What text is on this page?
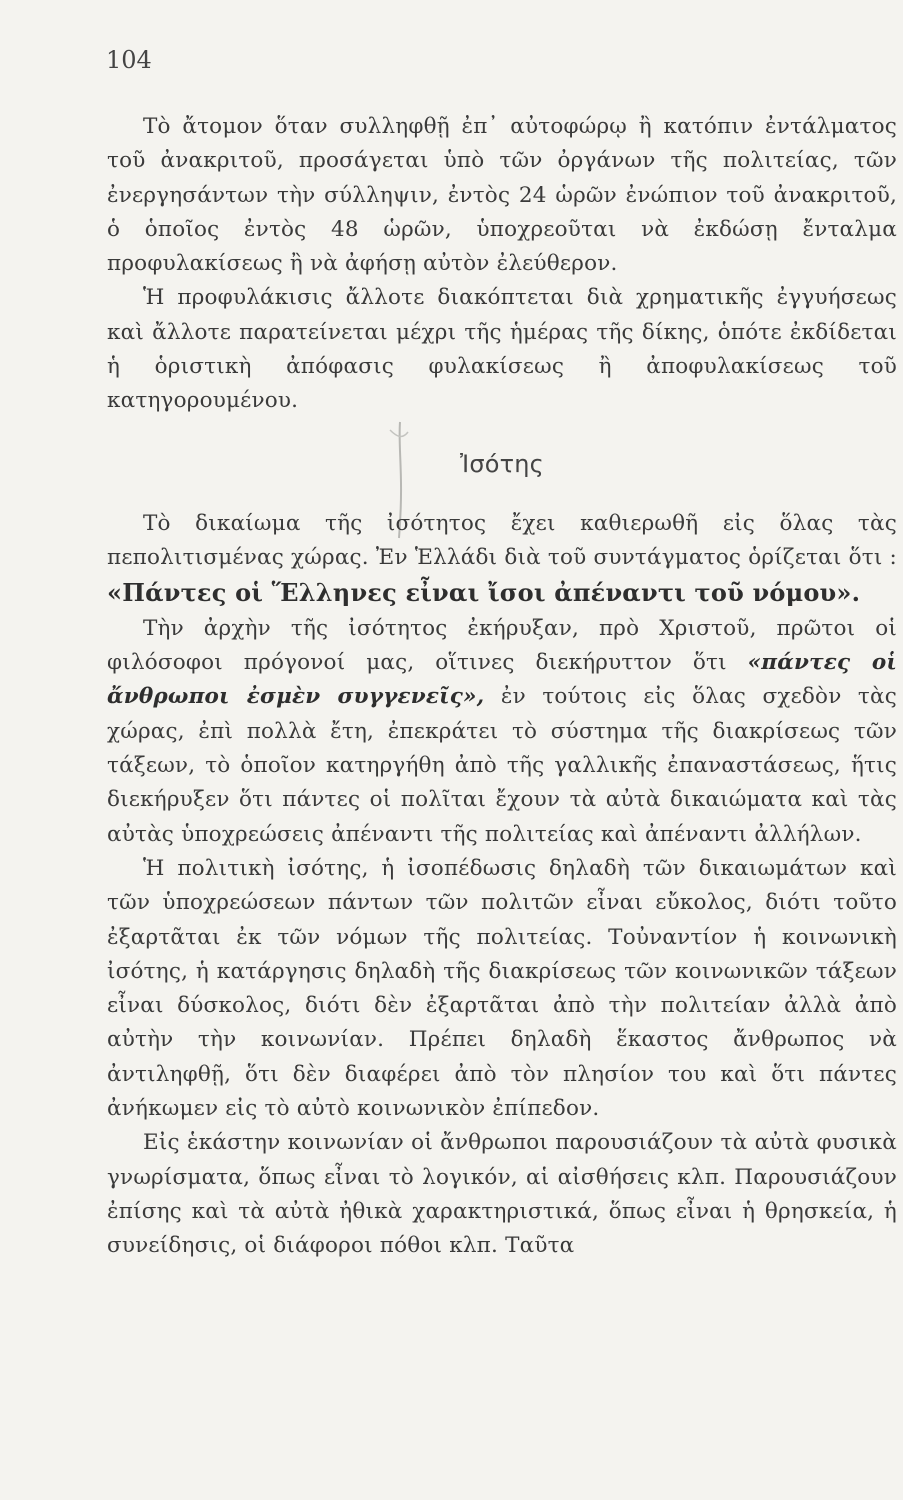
104

Τὸ ἄτομον ὅταν συλληφθῇ ἐπ᾽ αὐτοφώρῳ ἢ κατόπιν ἐντάλματος τοῦ ἀνακριτοῦ, προσάγεται ὑπὸ τῶν ὀργάνων τῆς πολιτείας, τῶν ἐνεργησάντων τὴν σύλληψιν, ἐντὸς 24 ὡρῶν ἐνώπιον τοῦ ἀνακριτοῦ, ὁ ὁποῖος ἐντὸς 48 ὡρῶν, ὑποχρεοῦται νὰ ἐκδώσῃ ἔνταλμα προφυλακίσεως ἢ νὰ ἀφήσῃ αὐτὸν ἐλεύθερον.

Ἡ προφυλάκισις ἄλλοτε διακόπτεται διὰ χρηματικῆς ἐγγυήσεως καὶ ἄλλοτε παρατείνεται μέχρι τῆς ἡμέρας τῆς δίκης, ὁπότε ἐκδίδεται ἡ ὁριστικὴ ἀπόφασις φυλακίσεως ἢ ἀποφυλακίσεως τοῦ κατηγορουμένου.

Ἰσότης

Τὸ δικαίωμα τῆς ἰσότητος ἔχει καθιερωθῆ εἰς ὅλας τὰς πεπολιτισμένας χώρας. Ἐν Ἑλλάδι διὰ τοῦ συντάγματος ὁρίζεται ὅτι : «Πάντες οἱ Ἕλληνες εἶναι ἴσοι ἀπέναντι τοῦ νόμου».

Τὴν ἀρχὴν τῆς ἰσότητος ἐκήρυξαν, πρὸ Χριστοῦ, πρῶτοι οἱ φιλόσοφοι πρόγονοί μας, οἵτινες διεκήρυττον ὅτι «πάντες οἱ ἄνθρωποι ἐσμὲν συγγενεῖς», ἐν τούτοις εἰς ὅλας σχεδὸν τὰς χώρας, ἐπὶ πολλὰ ἔτη, ἐπεκράτει τὸ σύστημα τῆς διακρίσεως τῶν τάξεων, τὸ ὁποῖον κατηργήθη ἀπὸ τῆς γαλλικῆς ἐπαναστάσεως, ἥτις διεκήρυξεν ὅτι πάντες οἱ πολῖται ἔχουν τὰ αὐτὰ δικαιώματα καὶ τὰς αὐτὰς ὑποχρεώσεις ἀπέναντι τῆς πολιτείας καὶ ἀπέναντι ἀλλήλων.

Ἡ πολιτικὴ ἰσότης, ἡ ἰσοπέδωσις δηλαδὴ τῶν δικαιωμάτων καὶ τῶν ὑποχρεώσεων πάντων τῶν πολιτῶν εἶναι εὔκολος, διότι τοῦτο ἐξαρτᾶται ἐκ τῶν νόμων τῆς πολιτείας. Τοὐναντίον ἡ κοινωνικὴ ἰσότης, ἡ κατάργησις δηλαδὴ τῆς διακρίσεως τῶν κοινωνικῶν τάξεων εἶναι δύσκολος, διότι δὲν ἐξαρτᾶται ἀπὸ τὴν πολιτείαν ἀλλὰ ἀπὸ αὐτὴν τὴν κοινωνίαν. Πρέπει δηλαδὴ ἕκαστος ἄνθρωπος νὰ ἀντιληφθῇ, ὅτι δὲν διαφέρει ἀπὸ τὸν πλησίον του καὶ ὅτι πάντες ἀνήκωμεν εἰς τὸ αὐτὸ κοινωνικὸν ἐπίπεδον.

Εἰς ἑκάστην κοινωνίαν οἱ ἄνθρωποι παρουσιάζουν τὰ αὐτὰ φυσικὰ γνωρίσματα, ὅπως εἶναι τὸ λογικόν, αἱ αἰσθήσεις κλπ. Παρουσιάζουν ἐπίσης καὶ τὰ αὐτὰ ἠθικὰ χαρακτηριστικά, ὅπως εἶναι ἡ θρησκεία, ἡ συνείδησις, οἱ διάφοροι πόθοι κλπ. Ταῦτα
